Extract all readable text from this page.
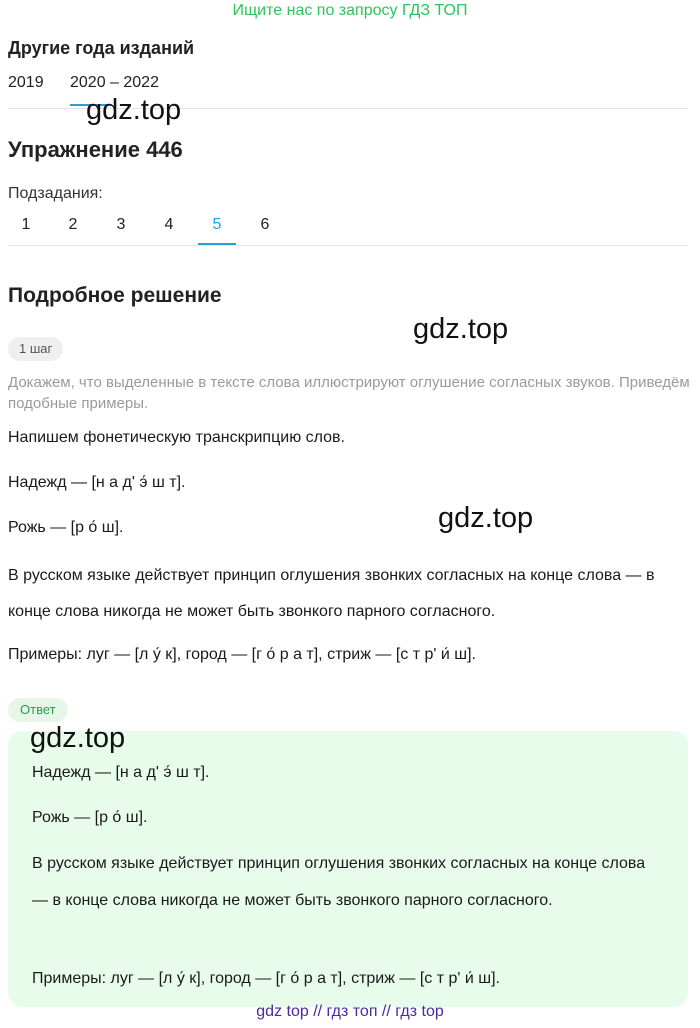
Ищите нас по запросу ГДЗ ТОП
Другие года изданий
2019 2020 – 2022
Упражнение 446
Подзадания:
1	2	3	4	5	6
Подробное решение
1 шаг
Докажем, что выделенные в тексте слова иллюстрируют оглушение согласных звуков. Приведём подобные примеры.
Напишем фонетическую транскрипцию слов.
Надежд — [н а д' э́ ш т].
Рожь — [р о́ ш].
В русском языке действует принцип оглушения звонких согласных на конце слова — в конце слова никогда не может быть звонкого парного согласного.
Примеры: луг — [л у́ к], город — [г о́ р а т], стриж — [с т р' и́ ш].
Ответ
Надежд — [н а д' э́ ш т].
Рожь — [р о́ ш].
В русском языке действует принцип оглушения звонких согласных на конце слова — в конце слова никогда не может быть звонкого парного согласного.
Примеры: луг — [л у́ к], город — [г о́ р а т], стриж — [с т р' и́ ш].
gdz.top
gdz.top
gdz.top
gdz.top
gdz top // гдз топ // гдз top
